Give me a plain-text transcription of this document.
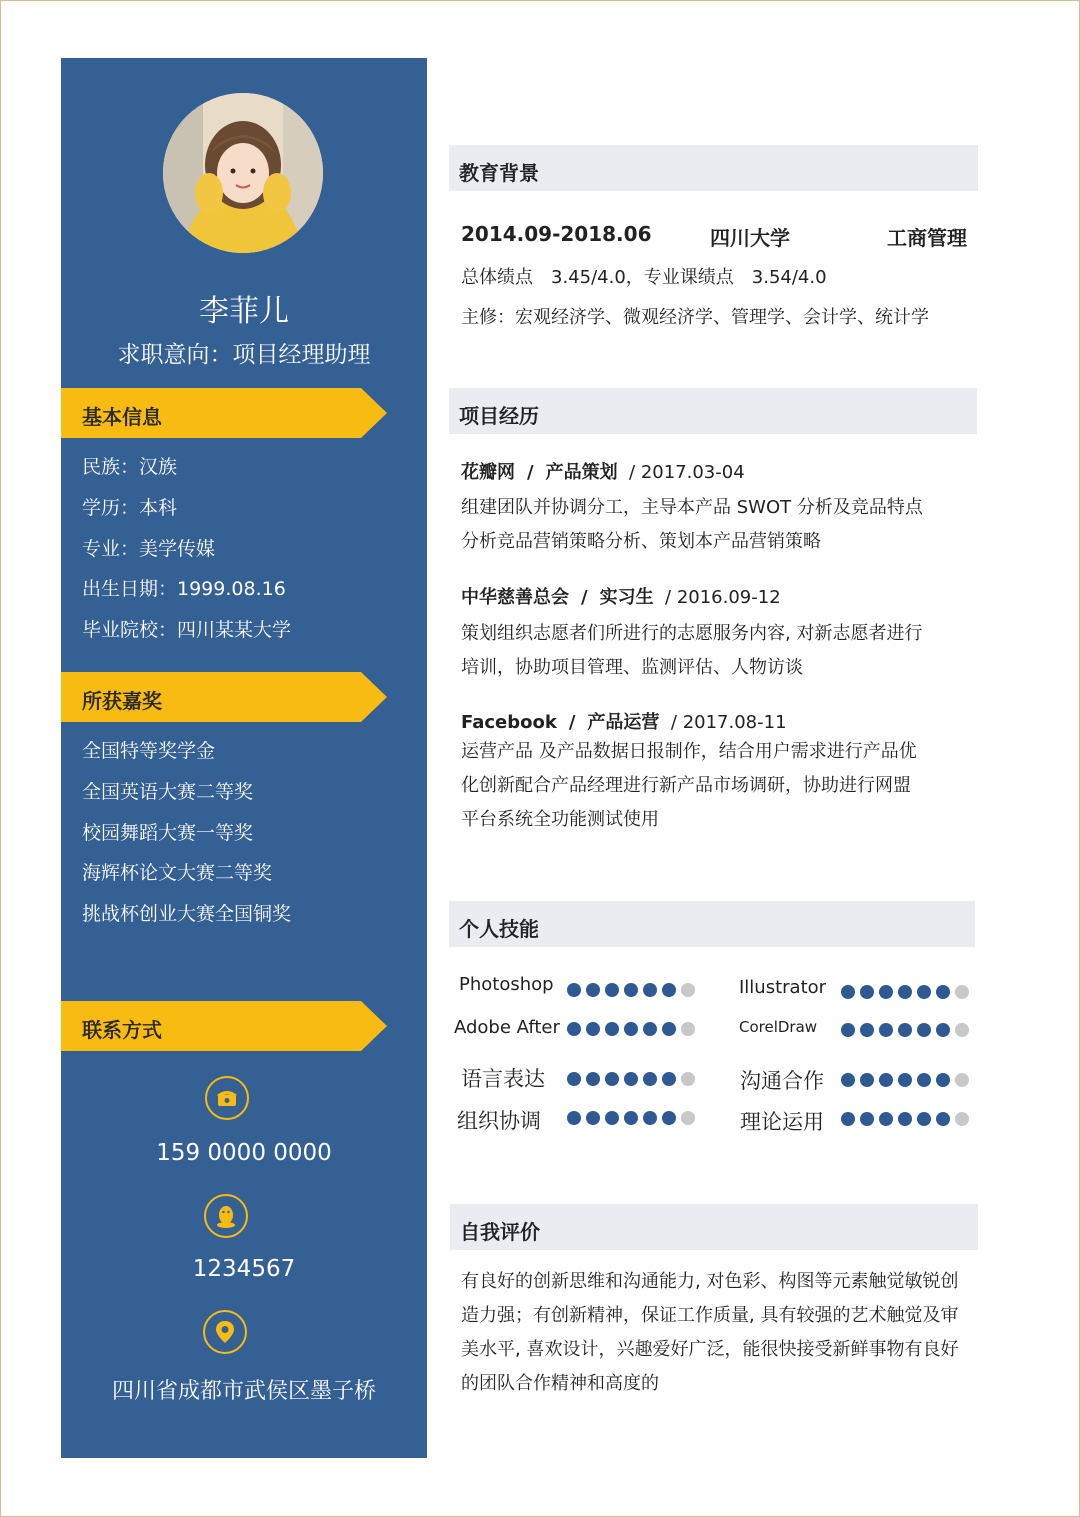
李菲儿
求职意向：项目经理助理
基本信息
民族：汉族
学历：本科
专业：美学传媒
出生日期：1999.08.16
毕业院校：四川某某大学
所获嘉奖
全国特等奖学金
全国英语大赛二等奖
校园舞蹈大赛一等奖
海辉杯论文大赛二等奖
挑战杯创业大赛全国铜奖
联系方式
159 0000 0000
1234567
四川省成都市武侯区墨子桥
教育背景
2014.09-2018.06	四川大学	工商管理
总体绩点　3.45/4.0，专业课绩点　3.54/4.0
主修：宏观经济学、微观经济学、管理学、会计学、统计学
项目经历
花瓣网  /  产品策划  / 2017.03-04
组建团队并协调分工，主导本产品 SWOT 分析及竞品特点
分析竞品营销策略分析、策划本产品营销策略
中华慈善总会  /  实习生  / 2016.09-12
策划组织志愿者们所进行的志愿服务内容, 对新志愿者进行
培训，协助项目管理、监测评估、人物访谈
Facebook  /  产品运营  / 2017.08-11
运营产品 及产品数据日报制作，结合用户需求进行产品优
化创新配合产品经理进行新产品市场调研，协助进行网盟
平台系统全功能测试使用
个人技能
Photoshop	Illustrator
Adobe After	CorelDraw
语言表达	沟通合作
组织协调	理论运用
自我评价
有良好的创新思维和沟通能力, 对色彩、构图等元素触觉敏锐创
造力强；有创新精神，保证工作质量, 具有较强的艺术触觉及审
美水平, 喜欢设计，兴趣爱好广泛，能很快接受新鲜事物有良好
的团队合作精神和高度的
